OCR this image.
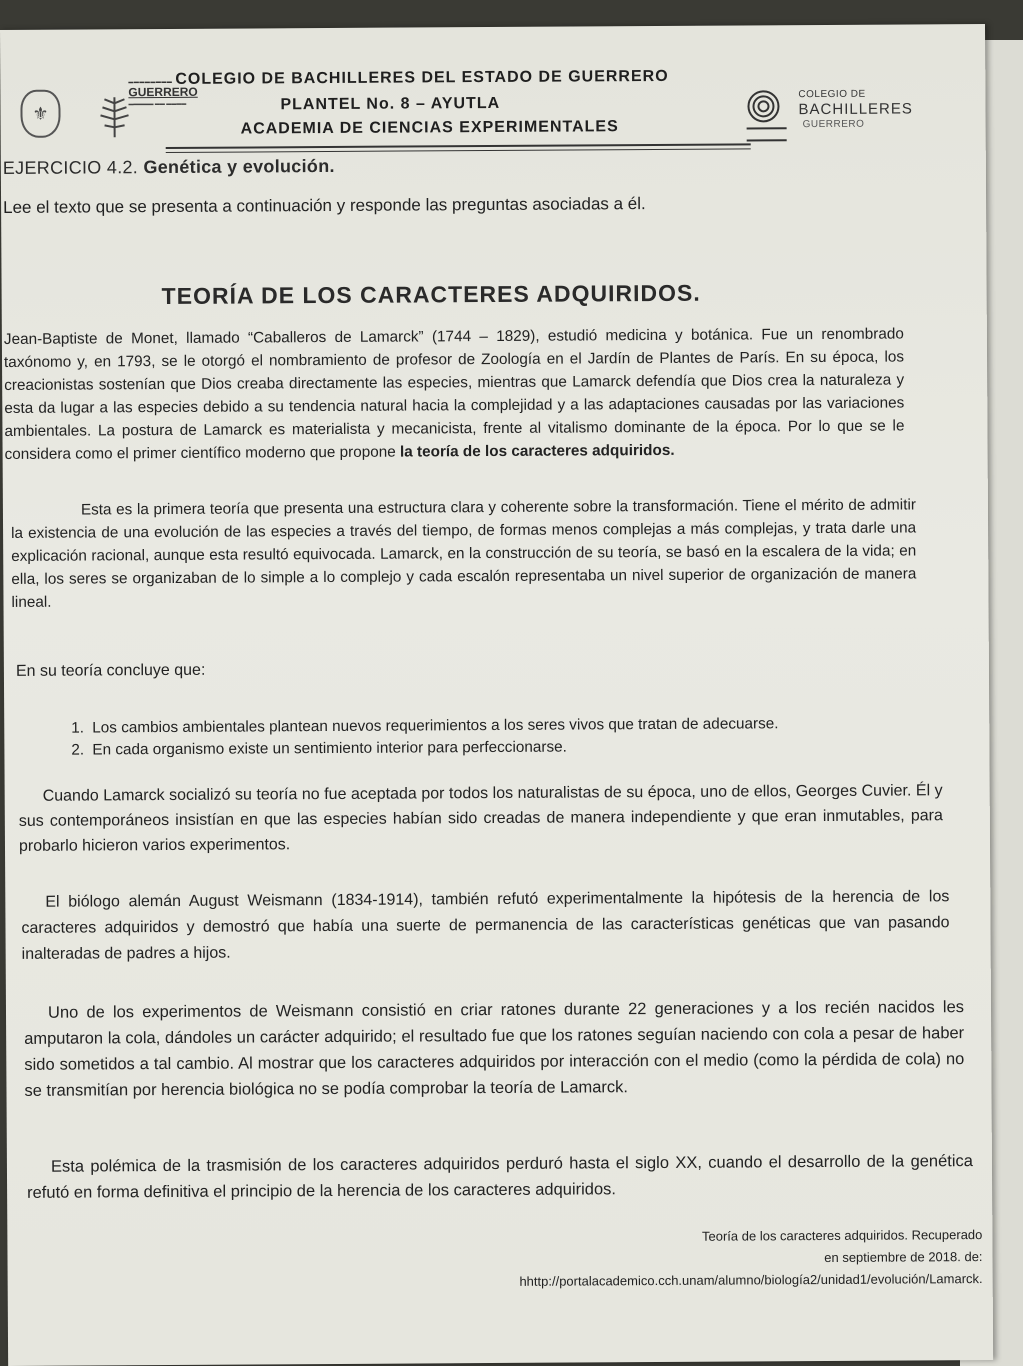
⚜
▬▬▬▬▬▬▬▬
GUERRERO
▬▬▬▬▬ ▬▬ ▬▬▬▬
COLEGIO DE BACHILLERES DEL ESTADO DE GUERRERO
PLANTEL No. 8 – AYUTLA
ACADEMIA DE CIENCIAS EXPERIMENTALES
COLEGIO DE
BACHILLERES
GUERRERO
EJERCICIO 4.2. Genética y evolución.
Lee el texto que se presenta a continuación y responde las preguntas asociadas a él.
TEORÍA DE LOS CARACTERES ADQUIRIDOS.

Jean-Baptiste de Monet, llamado “Caballeros de Lamarck” (1744 – 1829), estudió medicina y botánica. Fue un renombrado taxónomo y, en 1793, se le otorgó el nombramiento de profesor de Zoología en el Jardín de Plantes de París. En su época, los creacionistas sostenían que Dios creaba directamente las especies, mientras que Lamarck defendía que Dios crea la naturaleza y esta da lugar a las especies debido a su tendencia natural hacia la complejidad y a las adaptaciones causadas por las variaciones ambientales. La postura de Lamarck es materialista y mecanicista, frente al vitalismo dominante de la época. Por lo que se le considera como el primer científico moderno que propone la teoría de los caracteres adquiridos.

Esta es la primera teoría que presenta una estructura clara y coherente sobre la transformación. Tiene el mérito de admitir la existencia de una evolución de las especies a través del tiempo, de formas menos complejas a más complejas, y trata darle una explicación racional, aunque esta resultó equivocada. Lamarck, en la construcción de su teoría, se basó en la escalera de la vida; en ella, los seres se organizaban de lo simple a lo complejo y cada escalón representaba un nivel superior de organización de manera lineal.

En su teoría concluye que:

1. Los cambios ambientales plantean nuevos requerimientos a los seres vivos que tratan de adecuarse.
2. En cada organismo existe un sentimiento interior para perfeccionarse.

Cuando Lamarck socializó su teoría no fue aceptada por todos los naturalistas de su época, uno de ellos, Georges Cuvier. Él y sus contemporáneos insistían en que las especies habían sido creadas de manera independiente y que eran inmutables, para probarlo hicieron varios experimentos.

El biólogo alemán August Weismann (1834-1914), también refutó experimentalmente la hipótesis de la herencia de los caracteres adquiridos y demostró que había una suerte de permanencia de las características genéticas que van pasando inalteradas de padres a hijos.

Uno de los experimentos de Weismann consistió en criar ratones durante 22 generaciones y a los recién nacidos les amputaron la cola, dándoles un carácter adquirido; el resultado fue que los ratones seguían naciendo con cola a pesar de haber sido sometidos a tal cambio. Al mostrar que los caracteres adquiridos por interacción con el medio (como la pérdida de cola) no se transmitían por herencia biológica no se podía comprobar la teoría de Lamarck.

Esta polémica de la trasmisión de los caracteres adquiridos perduró hasta el siglo XX, cuando el desarrollo de la genética refutó en forma definitiva el principio de la herencia de los caracteres adquiridos.

Teoría de los caracteres adquiridos. Recuperado
en septiembre de 2018. de:
hhttp://portalacademico.cch.unam/alumno/biología2/unidad1/evolución/Lamarck.
